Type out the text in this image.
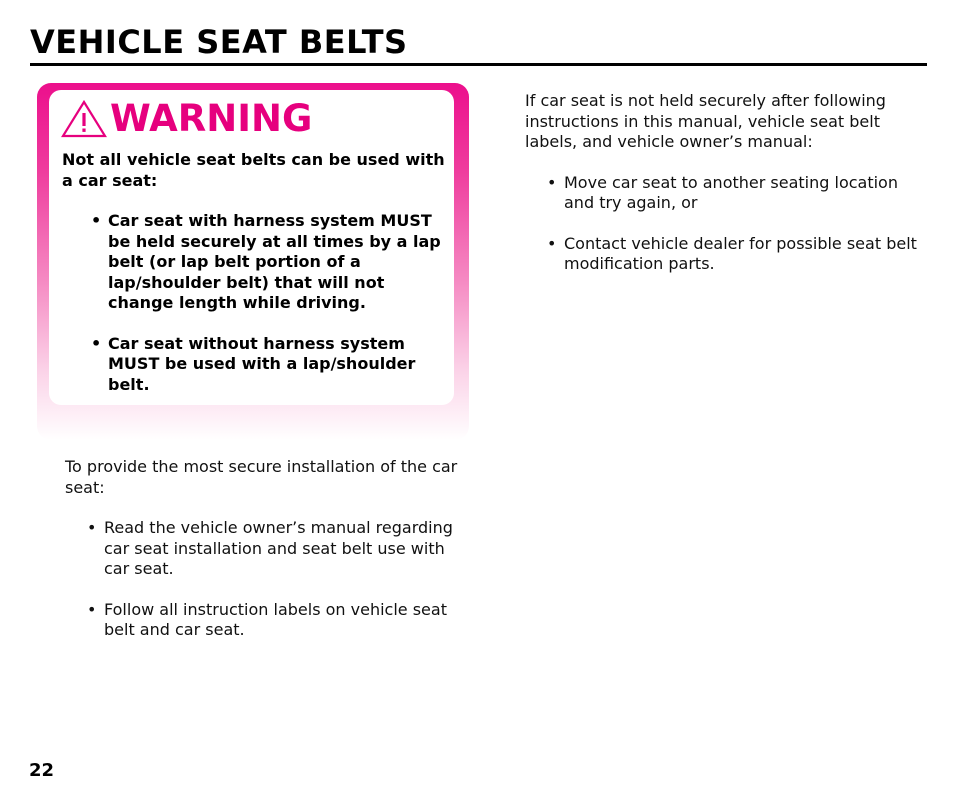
VEHICLE SEAT BELTS
WARNING

Not all vehicle seat belts can be used with a car seat:

• Car seat with harness system MUST be held securely at all times by a lap belt (or lap belt portion of a lap/shoulder belt) that will not change length while driving.
• Car seat without harness system MUST be used with a lap/shoulder belt.

To provide the most secure installation of the car seat:

• Read the vehicle owner’s manual regarding car seat installation and seat belt use with car seat.
• Follow all instruction labels on vehicle seat belt and car seat.

If car seat is not held securely after following instructions in this manual, vehicle seat belt labels, and vehicle owner’s manual:

• Move car seat to another seating location and try again, or
• Contact vehicle dealer for possible seat belt modification parts.
22
